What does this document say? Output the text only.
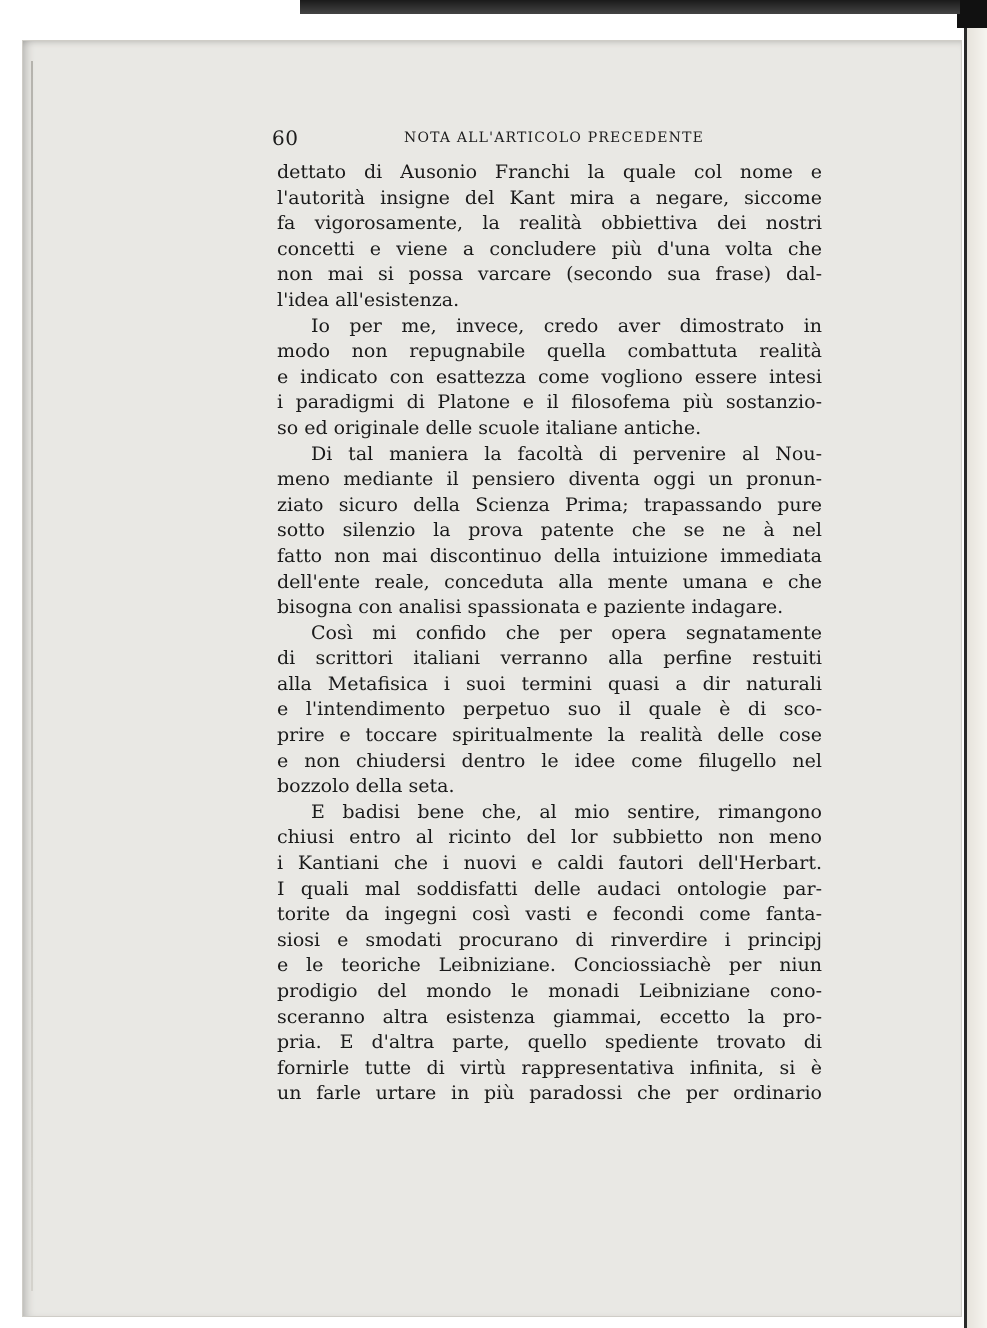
60	NOTA ALL'ARTICOLO PRECEDENTE
dettato di Ausonio Franchi la quale col nome e
l'autorità insigne del Kant mira a negare, siccome
fa vigorosamente, la realità obbiettiva dei nostri
concetti e viene a concludere più d'una volta che
non mai si possa varcare (secondo sua frase) dal-
l'idea all'esistenza.
Io per me, invece, credo aver dimostrato in
modo non repugnabile quella combattuta realità
e indicato con esattezza come vogliono essere intesi
i paradigmi di Platone e il filosofema più sostanzio-
so ed originale delle scuole italiane antiche.
Di tal maniera la facoltà di pervenire al Nou-
meno mediante il pensiero diventa oggi un pronun-
ziato sicuro della Scienza Prima; trapassando pure
sotto silenzio la prova patente che se ne à nel
fatto non mai discontinuo della intuizione immediata
dell'ente reale, conceduta alla mente umana e che
bisogna con analisi spassionata e paziente indagare.
Così mi confido che per opera segnatamente
di scrittori italiani verranno alla perfine restuiti
alla Metafisica i suoi termini quasi a dir naturali
e l'intendimento perpetuo suo il quale è di sco-
prire e toccare spiritualmente la realità delle cose
e non chiudersi dentro le idee come filugello nel
bozzolo della seta.
E badisi bene che, al mio sentire, rimangono
chiusi entro al ricinto del lor subbietto non meno
i Kantiani che i nuovi e caldi fautori dell'Herbart.
I quali mal soddisfatti delle audaci ontologie par-
torite da ingegni così vasti e fecondi come fanta-
siosi e smodati procurano di rinverdire i principj
e le teoriche Leibniziane. Conciossiachè per niun
prodigio del mondo le monadi Leibniziane cono-
sceranno altra esistenza giammai, eccetto la pro-
pria. E d'altra parte, quello spediente trovato di
fornirle tutte di virtù rappresentativa infinita, si è
un farle urtare in più paradossi che per ordinario
